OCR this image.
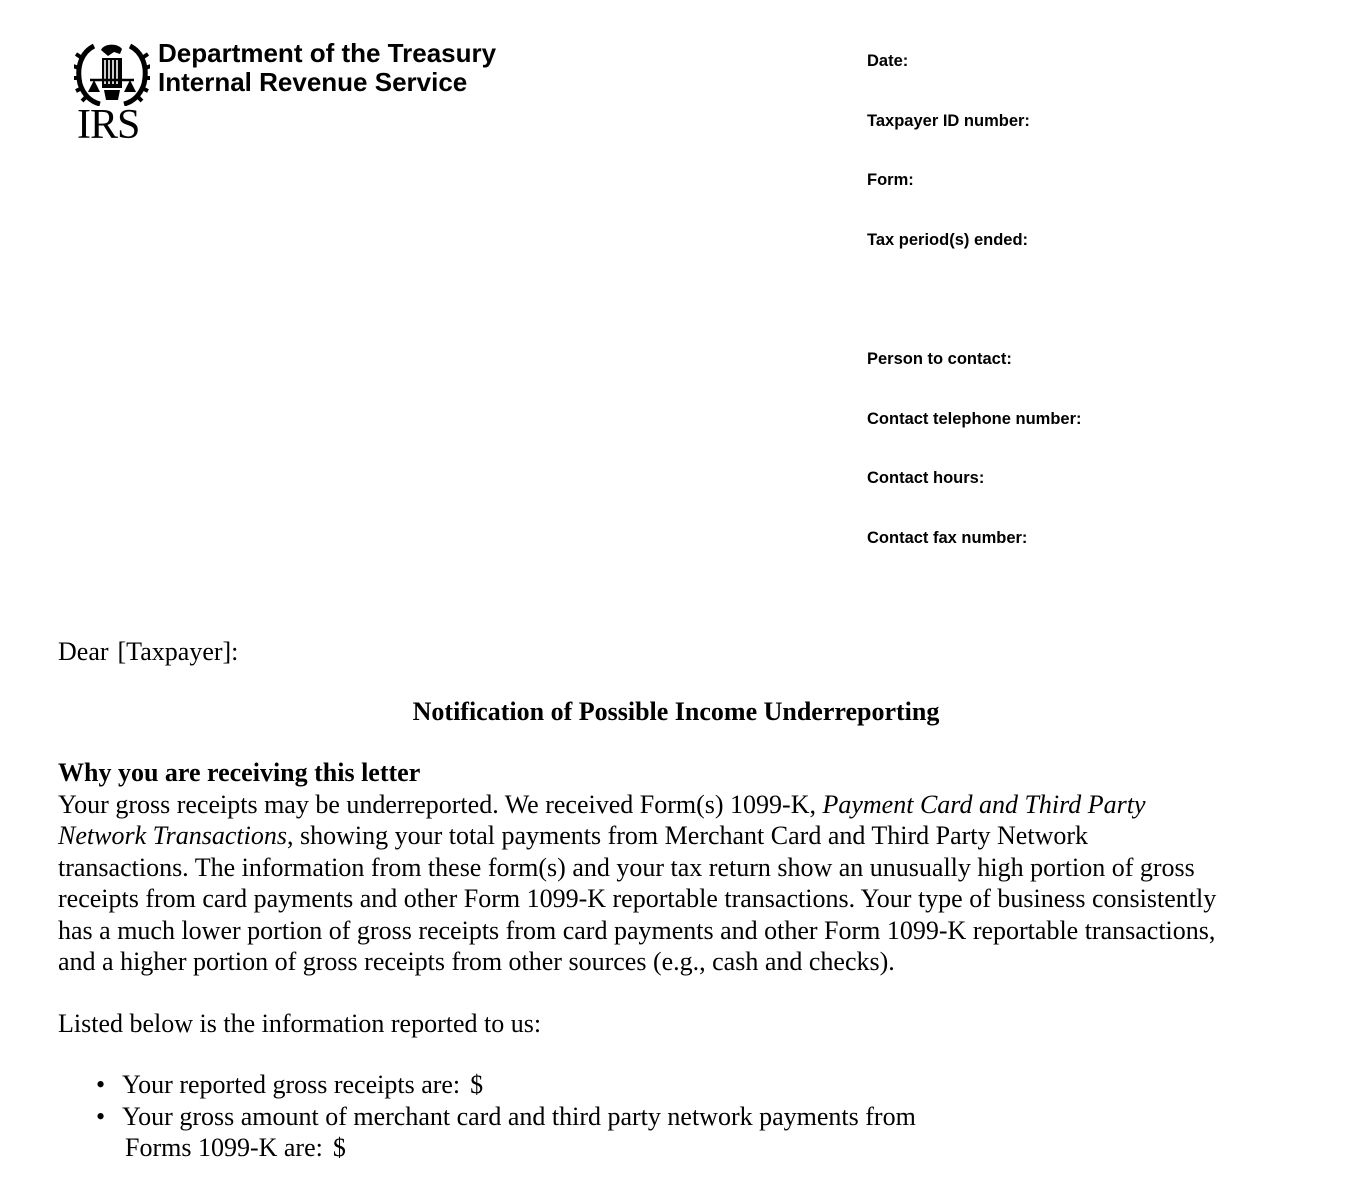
IRS
Department of the Treasury
Internal Revenue Service
Date:
Taxpayer ID number:
Form:
Tax period(s) ended:
Person to contact:
Contact telephone number:
Contact hours:
Contact fax number:
Dear [Taxpayer]:
Notification of Possible Income Underreporting
Why you are receiving this letter

Your gross receipts may be underreported. We received Form(s) 1099-K, Payment Card and Third Party

Network Transactions, showing your total payments from Merchant Card and Third Party Network

transactions. The information from these form(s) and your tax return show an unusually high portion of gross

receipts from card payments and other Form 1099-K reportable transactions. Your type of business consistently

has a much lower portion of gross receipts from card payments and other Form 1099-K reportable transactions,

and a higher portion of gross receipts from other sources (e.g., cash and checks).

Listed below is the information reported to us:
• Your reported gross receipts are: $
• Your gross amount of merchant card and third party network payments from
Forms 1099-K are: $
